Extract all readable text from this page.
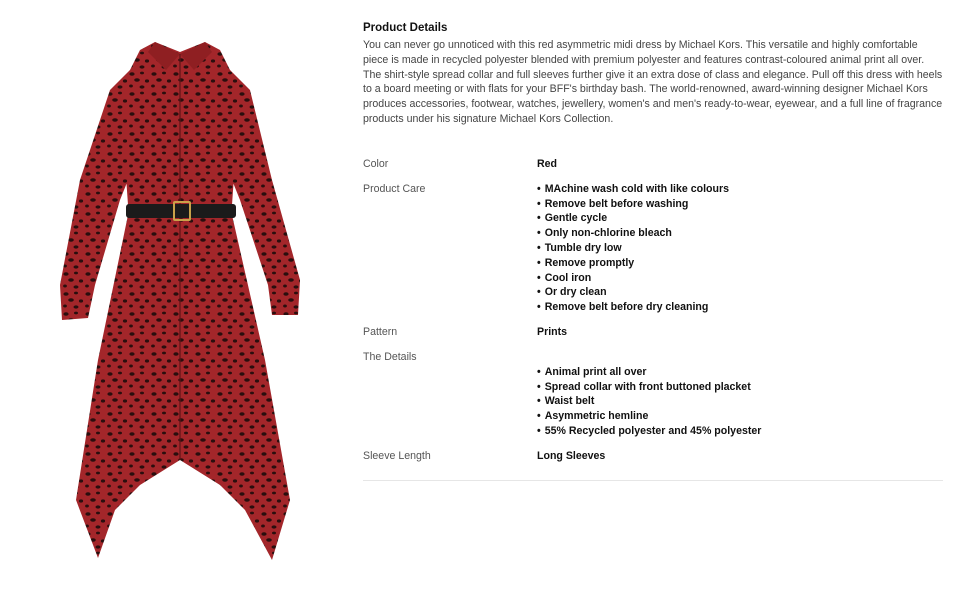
Product Details

You can never go unnoticed with this red asymmetric midi dress by Michael Kors. This versatile and highly comfortable piece is made in recycled polyester blended with premium polyester and features contrast-coloured animal print all over. The shirt-style spread collar and full sleeves further give it an extra dose of class and elegance. Pull off this dress with heels to a board meeting or with flats for your BFF's birthday bash. The world-renowned, award-winning designer Michael Kors produces accessories, footwear, watches, jewellery, women's and men's ready-to-wear, eyewear, and a full line of fragrance products under his signature Michael Kors Collection.

Color	Red
Product Care
•	MAchine wash cold with like colours
• Remove belt before washing
• Gentle cycle
• Only non-chlorine bleach
• Tumble dry low
• Remove promptly
• Cool iron
• Or dry clean
• Remove belt before dry cleaning
Pattern	Prints
The Details
• Animal print all over
• Spread collar with front buttoned placket
• Waist belt
• Asymmetric hemline
• 55% Recycled polyester and 45% polyester
Sleeve Length	Long Sleeves
